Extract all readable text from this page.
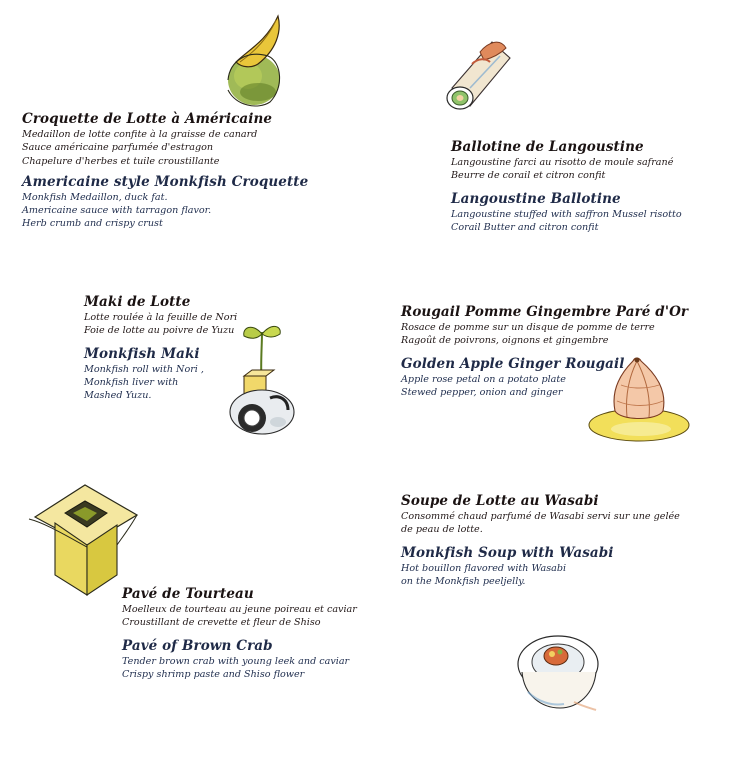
Croquette de Lotte à Américaine
Medaillon de lotte confite à la graisse de canard
Sauce américaine parfumée d'estragon
Chapelure d'herbes et tuile croustillante
Americaine style Monkfish Croquette
Monkfish Medaillon, duck fat.
Americaine sauce with tarragon flavor.
Herb crumb and crispy crust
Ballotine de Langoustine
Langoustine farci au risotto de moule safrané
Beurre de corail et citron confit
Langoustine Ballotine
Langoustine stuffed with saffron Mussel risotto
Corail Butter and citron confit
Maki de Lotte
Lotte roulée à la feuille de Nori
Foie de lotte au poivre de Yuzu
Monkfish Maki
Monkfish roll with Nori ,
Monkfish liver with
Mashed Yuzu.
Rougail Pomme Gingembre Paré d'Or
Rosace de pomme sur un disque de pomme de terre
Ragoût de poivrons, oignons et gingembre
Golden Apple Ginger Rougail
Apple rose petal on a potato plate
Stewed pepper, onion and ginger
Soupe de Lotte au Wasabi
Consommé chaud parfumé de Wasabi servi sur une gelée
de peau de lotte.
Monkfish Soup with Wasabi
Hot bouillon flavored with Wasabi
on the Monkfish peeljelly.
Pavé de Tourteau
Moelleux de tourteau au jeune poireau et caviar
Croustillant de crevette et fleur de Shiso
Pavé of Brown Crab
Tender brown crab with young leek and caviar
Crispy shrimp paste and Shiso flower
